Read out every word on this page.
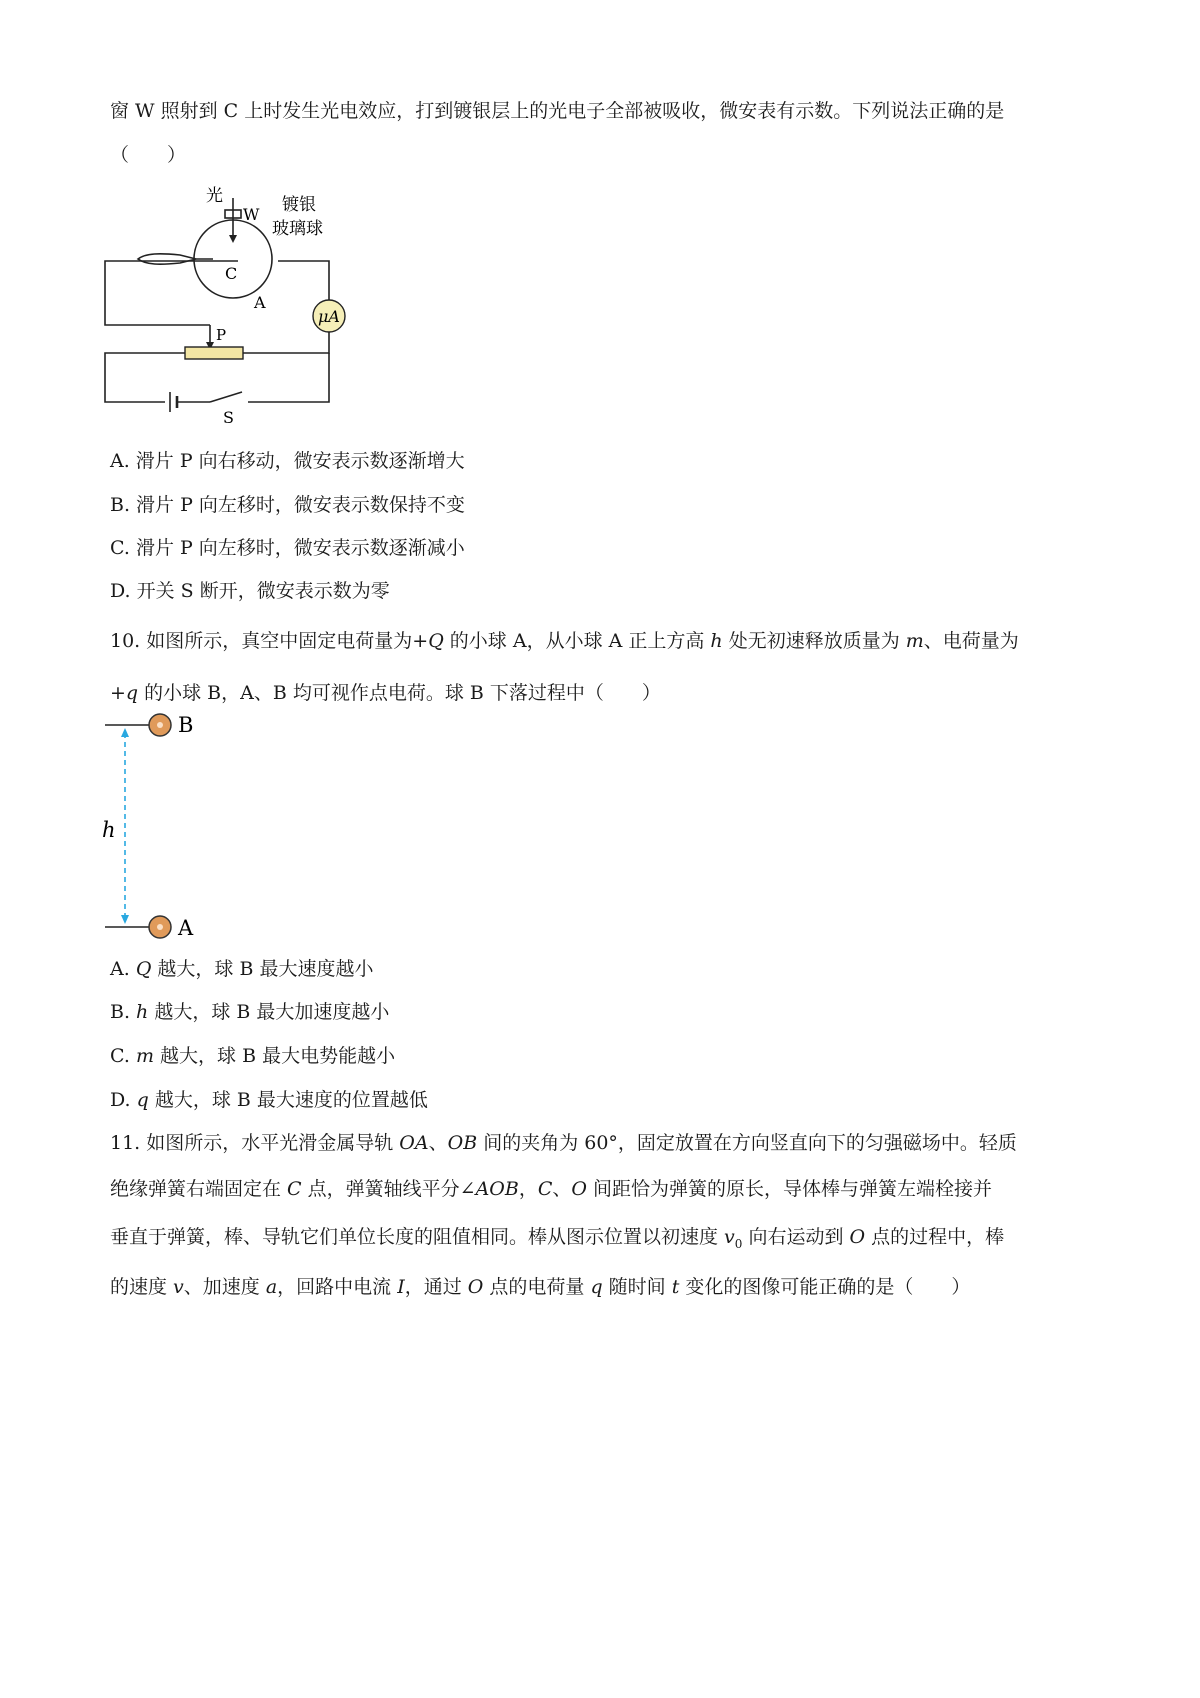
窗 W 照射到 C 上时发生光电效应，打到镀银层上的光电子全部被吸收，微安表有示数。下列说法正确的是
（　　）
μA
光
W 镀银
玻璃球
C
A
P
S
A. 滑片 P 向右移动，微安表示数逐渐增大
B. 滑片 P 向左移时，微安表示数保持不变
C. 滑片 P 向左移时，微安表示数逐渐减小
D. 开关 S 断开，微安表示数为零
10. 如图所示，真空中固定电荷量为+Q 的小球 A，从小球 A 正上方高 h 处无初速释放质量为 m、电荷量为
+q 的小球 B，A、B 均可视作点电荷。球 B 下落过程中（　　）
h
B
A
A. Q 越大，球 B 最大速度越小
B. h 越大，球 B 最大加速度越小
C. m 越大，球 B 最大电势能越小
D. q 越大，球 B 最大速度的位置越低
11. 如图所示，水平光滑金属导轨 OA、OB 间的夹角为 60°，固定放置在方向竖直向下的匀强磁场中。轻质
绝缘弹簧右端固定在 C 点，弹簧轴线平分∠AOB，C、O 间距恰为弹簧的原长，导体棒与弹簧左端栓接并
垂直于弹簧，棒、导轨它们单位长度的阻值相同。棒从图示位置以初速度 $v_0$ 向右运动到 O 点的过程中，棒
的速度 v、加速度 a，回路中电流 I，通过 O 点的电荷量 q 随时间 t 变化的图像可能正确的是（　　）
